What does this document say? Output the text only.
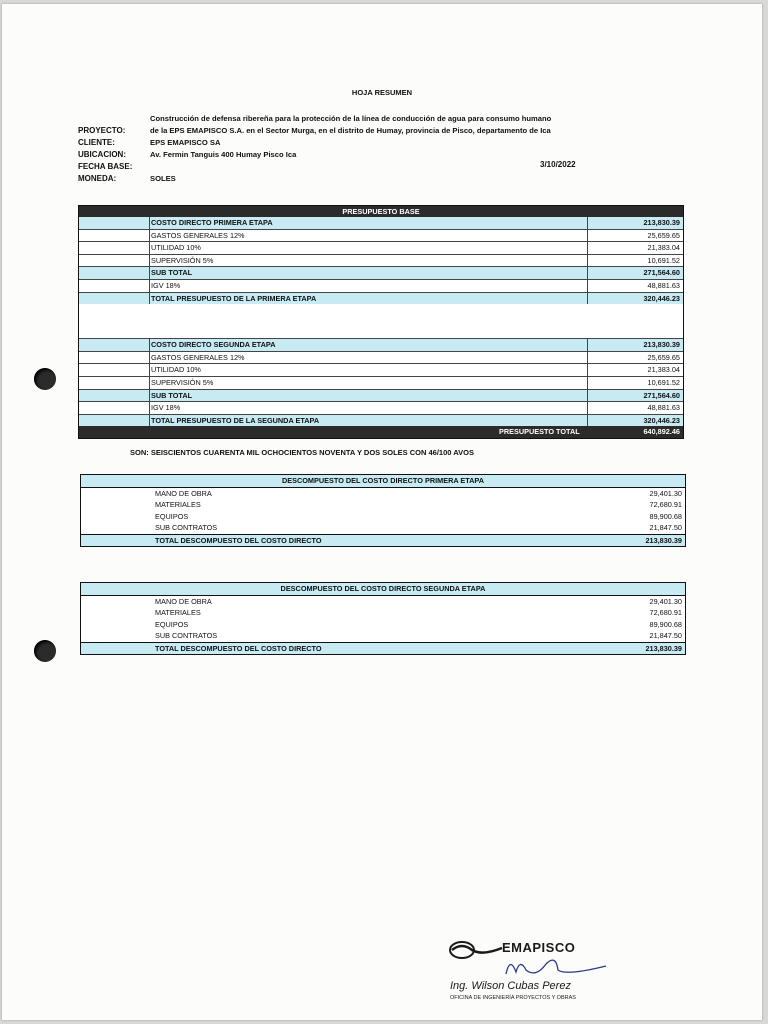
HOJA RESUMEN
Construcción de defensa ribereña para la protección de la línea de conducción de agua para consumo humano
PROYECTO:	de la EPS EMAPISCO S.A. en el Sector Murga, en el distrito de Humay, provincia de Pisco, departamento de Ica
CLIENTE:	EPS EMAPISCO SA
UBICACION:	Av. Fermin Tanguis 400 Humay Pisco Ica
3/10/2022
FECHA BASE:
MONEDA:	SOLES
PRESUPUESTO BASE
COSTO DIRECTO PRIMERA ETAPA	213,830.39
GASTOS GENERALES 12%	25,659.65
UTILIDAD 10%	21,383.04
SUPERVISIÓN 5%	10,691.52
SUB TOTAL	271,564.60
IGV 18%	48,881.63
TOTAL PRESUPUESTO DE LA PRIMERA ETAPA	320,446.23
COSTO DIRECTO SEGUNDA ETAPA	213,830.39
GASTOS GENERALES 12%	25,659.65
UTILIDAD 10%	21,383.04
SUPERVISIÓN 5%	10,691.52
SUB TOTAL	271,564.60
IGV 18%	48,881.63
TOTAL PRESUPUESTO DE LA SEGUNDA ETAPA	320,446.23
PRESUPUESTO TOTAL	640,892.46
SON: SEISCIENTOS CUARENTA MIL OCHOCIENTOS NOVENTA Y DOS SOLES CON 46/100 AVOS
DESCOMPUESTO DEL COSTO DIRECTO PRIMERA ETAPA
MANO DE OBRA	29,401.30
MATERIALES	72,680.91
EQUIPOS	89,900.68
SUB CONTRATOS	21,847.50
TOTAL DESCOMPUESTO DEL COSTO DIRECTO	213,830.39
DESCOMPUESTO DEL COSTO DIRECTO SEGUNDA ETAPA
MANO DE OBRA	29,401.30
MATERIALES	72,680.91
EQUIPOS	89,900.68
SUB CONTRATOS	21,847.50
TOTAL DESCOMPUESTO DEL COSTO DIRECTO	213,830.39
EMAPISCO
Ing. Wilson Cubas Perez
OFICINA DE INGENIERÍA PROYECTOS Y OBRAS
